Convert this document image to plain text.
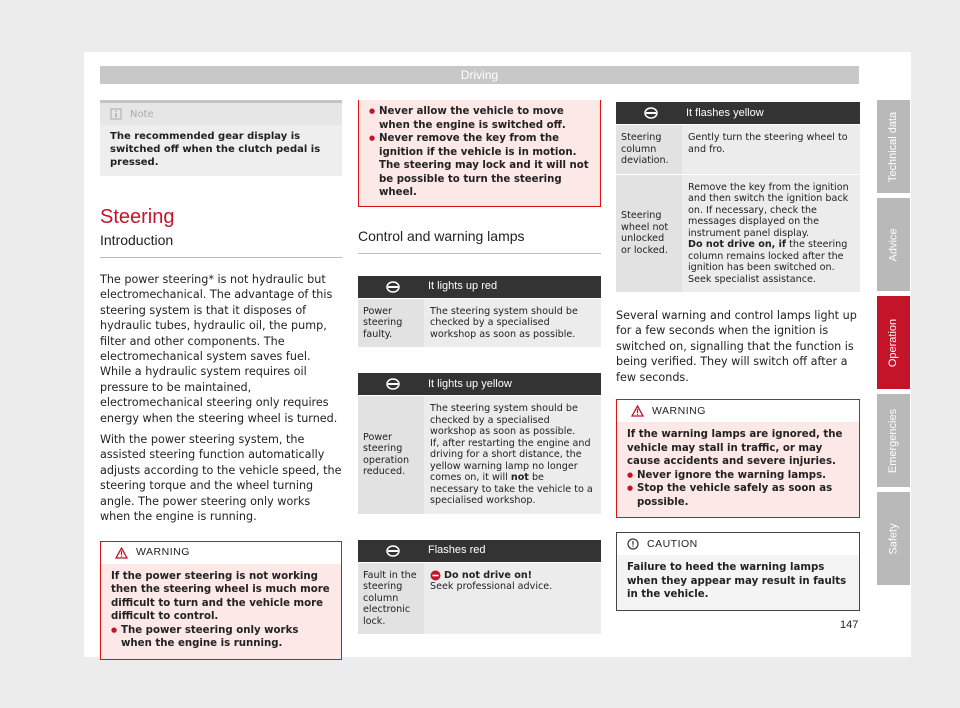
Driving
Note
The recommended gear display is switched off when the clutch pedal is pressed.
Steering
Introduction

The power steering* is not hydraulic but electromechanical. The advantage of this steering system is that it disposes of hydraulic tubes, hydraulic oil, the pump, filter and other components. The electromechanical system saves fuel. While a hydraulic system requires oil pressure to be maintained, electromechanical steering only requires energy when the steering wheel is turned.

With the power steering system, the assisted steering function automatically adjusts according to the vehicle speed, the steering torque and the wheel turning angle. The power steering only works when the engine is running.

WARNING
If the power steering is not working then the steering wheel is much more difficult to turn and the vehicle more difficult to control.
● The power steering only works when the engine is running.
● Never allow the vehicle to move when the engine is switched off.
● Never remove the key from the ignition if the vehicle is in motion. The steering may lock and it will not be possible to turn the steering wheel.
Control and warning lamps
It lights up red
Power steering faulty.
The steering system should be checked by a specialised workshop as soon as possible.
It lights up yellow
Power steering operation reduced.
The steering system should be checked by a specialised workshop as soon as possible.
If, after restarting the engine and driving for a short distance, the yellow warning lamp no longer comes on, it will not be necessary to take the vehicle to a specialised workshop.
Flashes red
Fault in the steering column electronic lock.
Do not drive on!
Seek professional advice.
It flashes yellow
Steering column deviation.
Gently turn the steering wheel to and fro.
Steering wheel not unlocked or locked.
Remove the key from the ignition and then switch the ignition back on. If necessary, check the messages displayed on the instrument panel display.
Do not drive on, if the steering column remains locked after the ignition has been switched on. Seek specialist assistance.

Several warning and control lamps light up for a few seconds when the ignition is switched on, signalling that the function is being verified. They will switch off after a few seconds.

WARNING
If the warning lamps are ignored, the vehicle may stall in traffic, or may cause accidents and severe injuries.
● Never ignore the warning lamps.
● Stop the vehicle safely as soon as possible.
CAUTION
Failure to heed the warning lamps when they appear may result in faults in the vehicle.
Technical data
Advice
Operation
Emergencies
Safety
147
